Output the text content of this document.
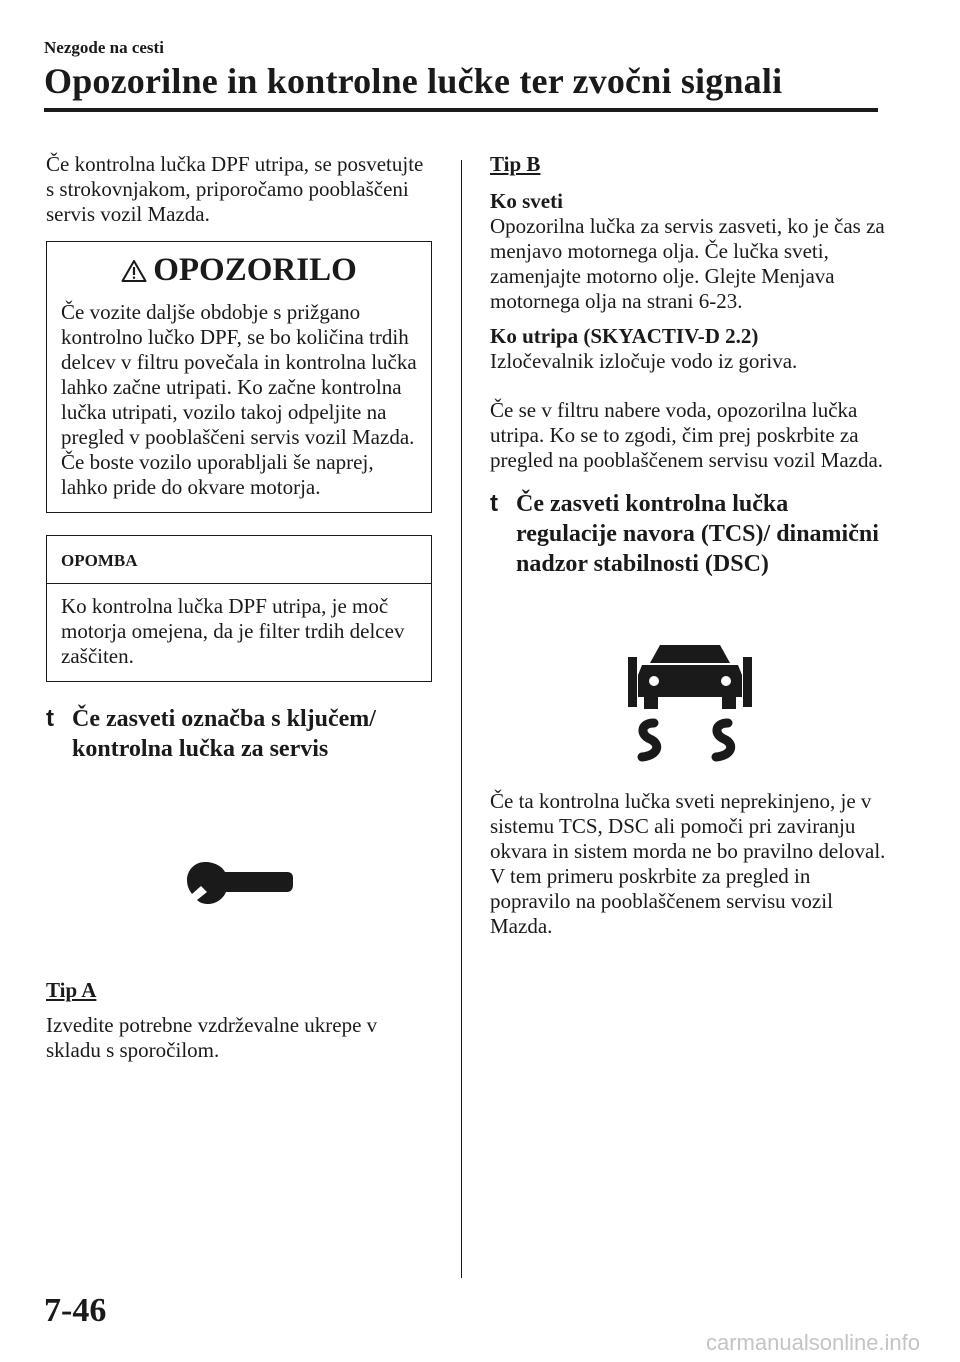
Nezgode na cesti
Opozorilne in kontrolne lučke ter zvočni signali

Če kontrolna lučka DPF utripa, se posvetujte s strokovnjakom, priporočamo pooblaščeni servis vozil Mazda.

OPOZORILO

Če vozite daljše obdobje s prižgano kontrolno lučko DPF, se bo količina trdih delcev v filtru povečala in kontrolna lučka lahko začne utripati. Ko začne kontrolna lučka utripati, vozilo takoj odpeljite na pregled v pooblaščeni servis vozil Mazda. Če boste vozilo uporabljali še naprej, lahko pride do okvare motorja.

OPOMBA
Ko kontrolna lučka DPF utripa, je moč motorja omejena, da je filter trdih delcev zaščiten.
t Če zasveti označba s ključem/ kontrolna lučka za servis

Tip A

Izvedite potrebne vzdrževalne ukrepe v skladu s sporočilom.

Tip B

Ko sveti

Opozorilna lučka za servis zasveti, ko je čas za menjavo motornega olja. Če lučka sveti, zamenjajte motorno olje. Glejte Menjava motornega olja na strani 6-23.

Ko utripa (SKYACTIV-D 2.2)

Izločevalnik izločuje vodo iz goriva.

Če se v filtru nabere voda, opozorilna lučka utripa. Ko se to zgodi, čim prej poskrbite za pregled na pooblaščenem servisu vozil Mazda.

t Če zasveti kontrolna lučka regulacije navora (TCS)/ dinamični nadzor stabilnosti (DSC)

Če ta kontrolna lučka sveti neprekinjeno, je v sistemu TCS, DSC ali pomoči pri zaviranju okvara in sistem morda ne bo pravilno deloval. V tem primeru poskrbite za pregled in popravilo na pooblaščenem servisu vozil Mazda.

7-46
carmanualsonline.info
